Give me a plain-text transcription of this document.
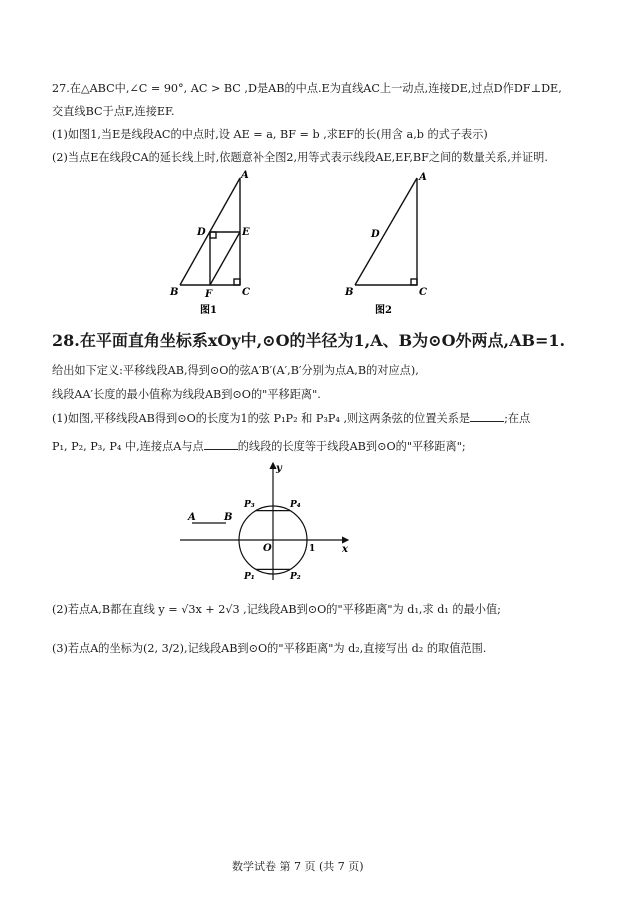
27.在△ABC中,∠C = 90°, AC > BC ,D是AB的中点.E为直线AC上一动点,连接DE,过点D作DF⊥DE,
交直线BC于点F,连接EF.
(1)如图1,当E是线段AC的中点时,设 AE = a, BF = b ,求EF的长(用含 a,b 的式子表示)
(2)当点E在线段CA的延长线上时,依题意补全图2,用等式表示线段AE,EF,BF之间的数量关系,并证明.
A
D	E
B	F	C
图1
A
D
B	C
图2
28.在平面直角坐标系xOy中,⊙O的半径为1,A、B为⊙O外两点,AB=1.
给出如下定义:平移线段AB,得到⊙O的弦A′B′(A′,B′分别为点A,B的对应点),
线段AA′长度的最小值称为线段AB到⊙O的"平移距离".
(1)如图,平移线段AB得到⊙O的长度为1的弦 P₁P₂ 和 P₃P₄ ,则这两条弦的位置关系是	;在点
P₁, P₂, P₃, P₄ 中,连接点A与点	的线段的长度等于线段AB到⊙O的"平移距离";
y
x
O	1
A	B
P₃	P₄
P₁	P₂
(2)若点A,B都在直线 y = √3x + 2√3 ,记线段AB到⊙O的"平移距离"为 d₁,求 d₁ 的最小值;
(3)若点A的坐标为(2, 3/2),记线段AB到⊙O的"平移距离"为 d₂,直接写出 d₂ 的取值范围.
数学试卷 第 7 页 (共 7 页)
